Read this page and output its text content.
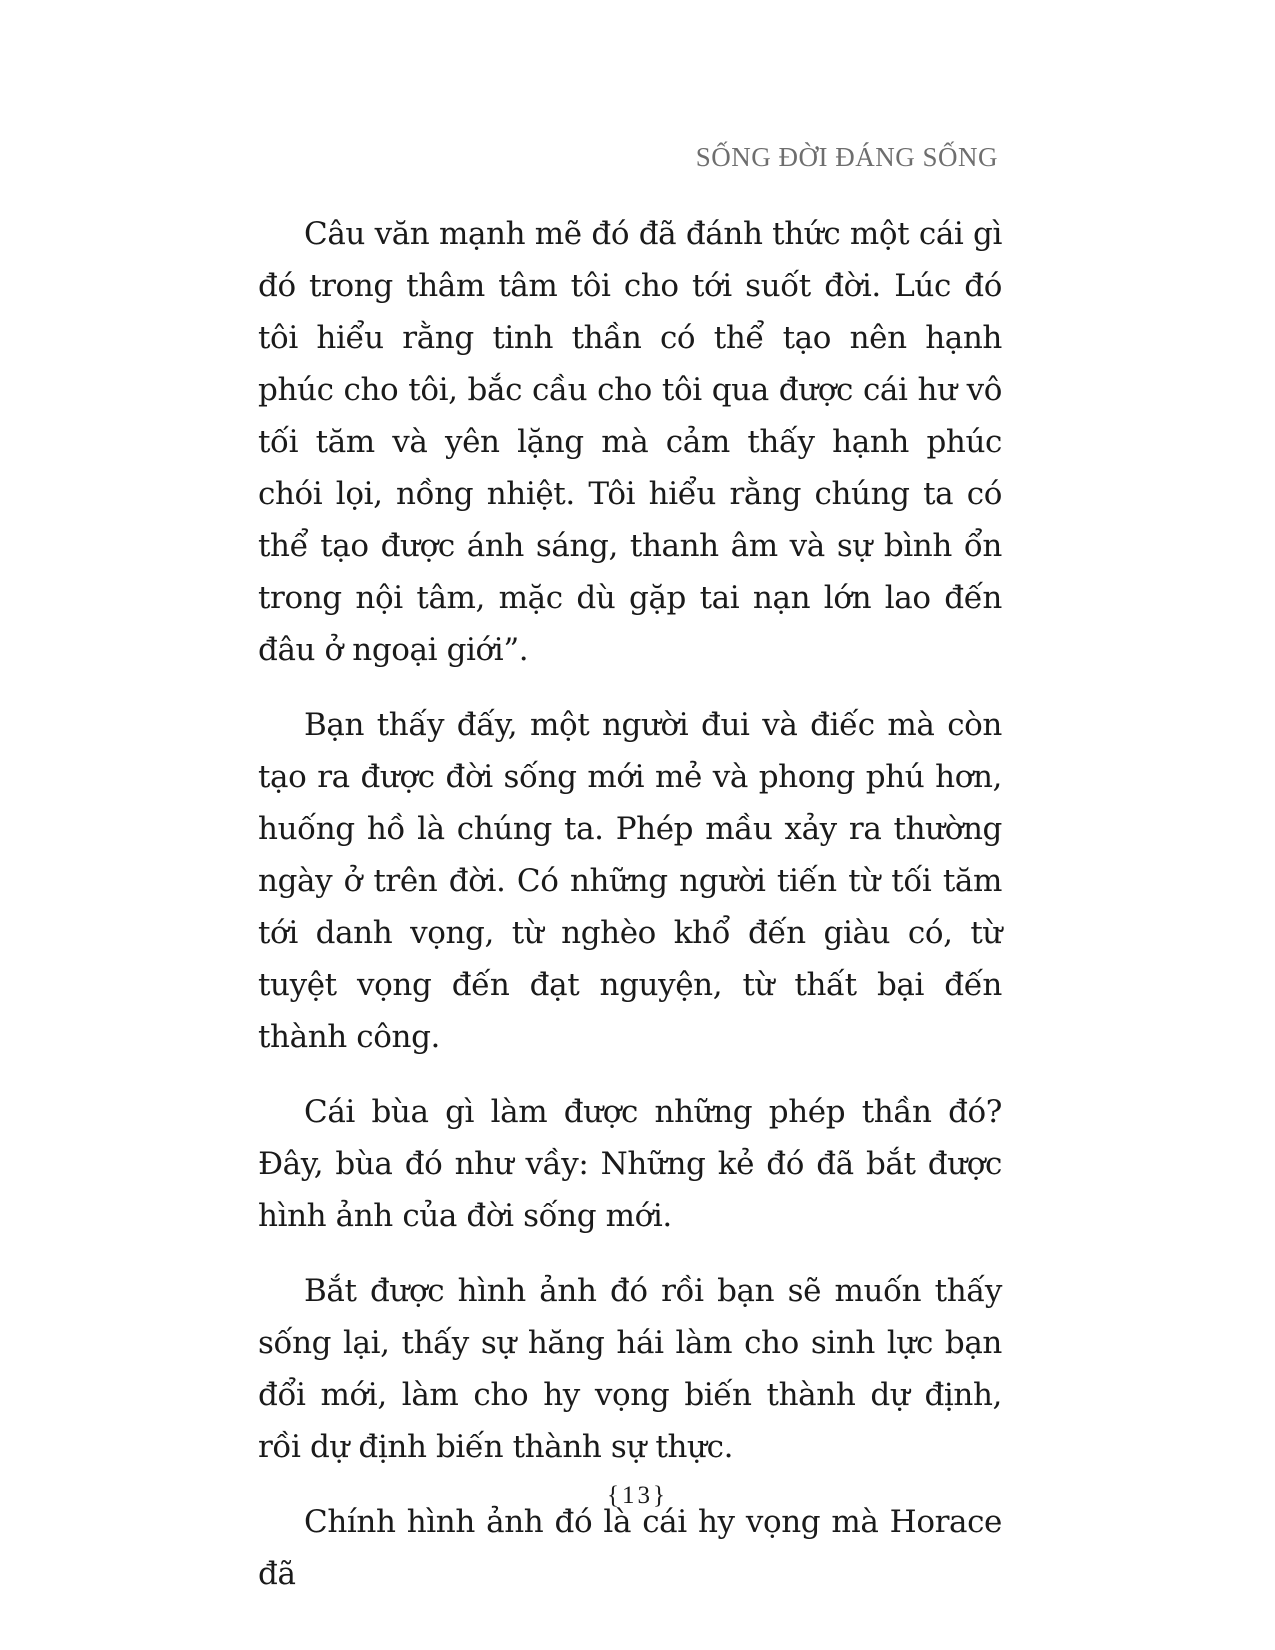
SỐNG ĐỜI ĐÁNG SỐNG

Câu văn mạnh mẽ đó đã đánh thức một cái gì đó trong thâm tâm tôi cho tới suốt đời. Lúc đó tôi hiểu rằng tinh thần có thể tạo nên hạnh phúc cho tôi, bắc cầu cho tôi qua được cái hư vô tối tăm và yên lặng mà cảm thấy hạnh phúc chói lọi, nồng nhiệt. Tôi hiểu rằng chúng ta có thể tạo được ánh sáng, thanh âm và sự bình ổn trong nội tâm, mặc dù gặp tai nạn lớn lao đến đâu ở ngoại giới”.

Bạn thấy đấy, một người đui và điếc mà còn tạo ra được đời sống mới mẻ và phong phú hơn, huống hồ là chúng ta. Phép mầu xảy ra thường ngày ở trên đời. Có những người tiến từ tối tăm tới danh vọng, từ nghèo khổ đến giàu có, từ tuyệt vọng đến đạt nguyện, từ thất bại đến thành công.

Cái bùa gì làm được những phép thần đó? Đây, bùa đó như vầy: Những kẻ đó đã bắt được hình ảnh của đời sống mới.

Bắt được hình ảnh đó rồi bạn sẽ muốn thấy sống lại, thấy sự hăng hái làm cho sinh lực bạn đổi mới, làm cho hy vọng biến thành dự định, rồi dự định biến thành sự thực.

Chính hình ảnh đó là cái hy vọng mà Horace đã

{13}
